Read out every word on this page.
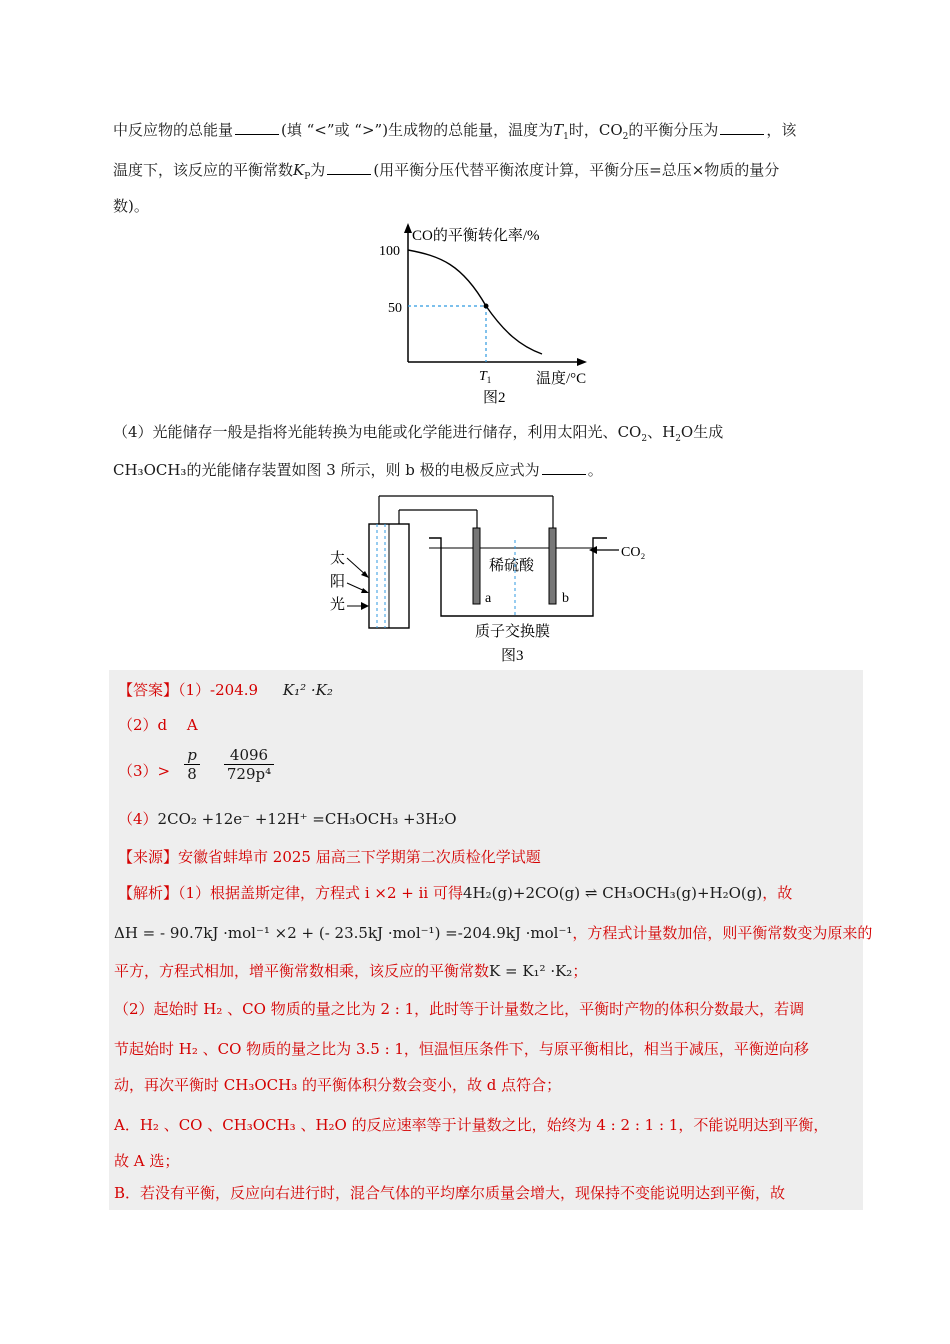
中反应物的总能量	(填 “<”或 “>”)生成物的总能量，温度为$T_1$时，$CO_2$的平衡分压为	，该
温度下，该反应的平衡常数$K_P$为	(用平衡分压代替平衡浓度计算，平衡分压=总压×物质的量分
数)。
CO的平衡转化率/%
100
50
$T_1$	温度/°C
图2
（4）光能储存一般是指将光能转换为电能或化学能进行储存，利用太阳光、$CO_2$、$H_2O$生成
CH₃OCH₃的光能储存装置如图 3 所示，则 b 极的电极反应式为	。
太
阳
光
稀硫酸
a	b
CO₂
质子交换膜
图3
【答案】（1）-204.9 K₁² ·K₂
（2）d　 A
（3）>
p
8
4096
729p⁴
（4）2CO₂ +12e⁻ +12H⁺ =CH₃OCH₃ +3H₂O
【来源】安徽省蚌埠市 2025 届高三下学期第二次质检化学试题
【解析】（1）根据盖斯定律，方程式 i ×2 + ii 可得4H₂(g)+2CO(g) ⇌ CH₃OCH₃(g)+H₂O(g)，故
ΔH = - 90.7kJ ·mol⁻¹ ×2 + (- 23.5kJ ·mol⁻¹) =-204.9kJ ·mol⁻¹，方程式计量数加倍，则平衡常数变为原来的
平方，方程式相加，增平衡常数相乘，该反应的平衡常数K = K₁² ·K₂；
（2）起始时 H₂ 、CO 物质的量之比为 2 : 1，此时等于计量数之比，平衡时产物的体积分数最大，若调
节起始时 H₂ 、CO 物质的量之比为 3.5 : 1，恒温恒压条件下，与原平衡相比，相当于减压，平衡逆向移
动，再次平衡时 CH₃OCH₃ 的平衡体积分数会变小，故 d 点符合；
A．H₂ 、CO 、CH₃OCH₃ 、H₂O 的反应速率等于计量数之比，始终为 4 : 2 : 1 : 1，不能说明达到平衡，
故 A 选；
B．若没有平衡，反应向右进行时，混合气体的平均摩尔质量会增大，现保持不变能说明达到平衡，故
